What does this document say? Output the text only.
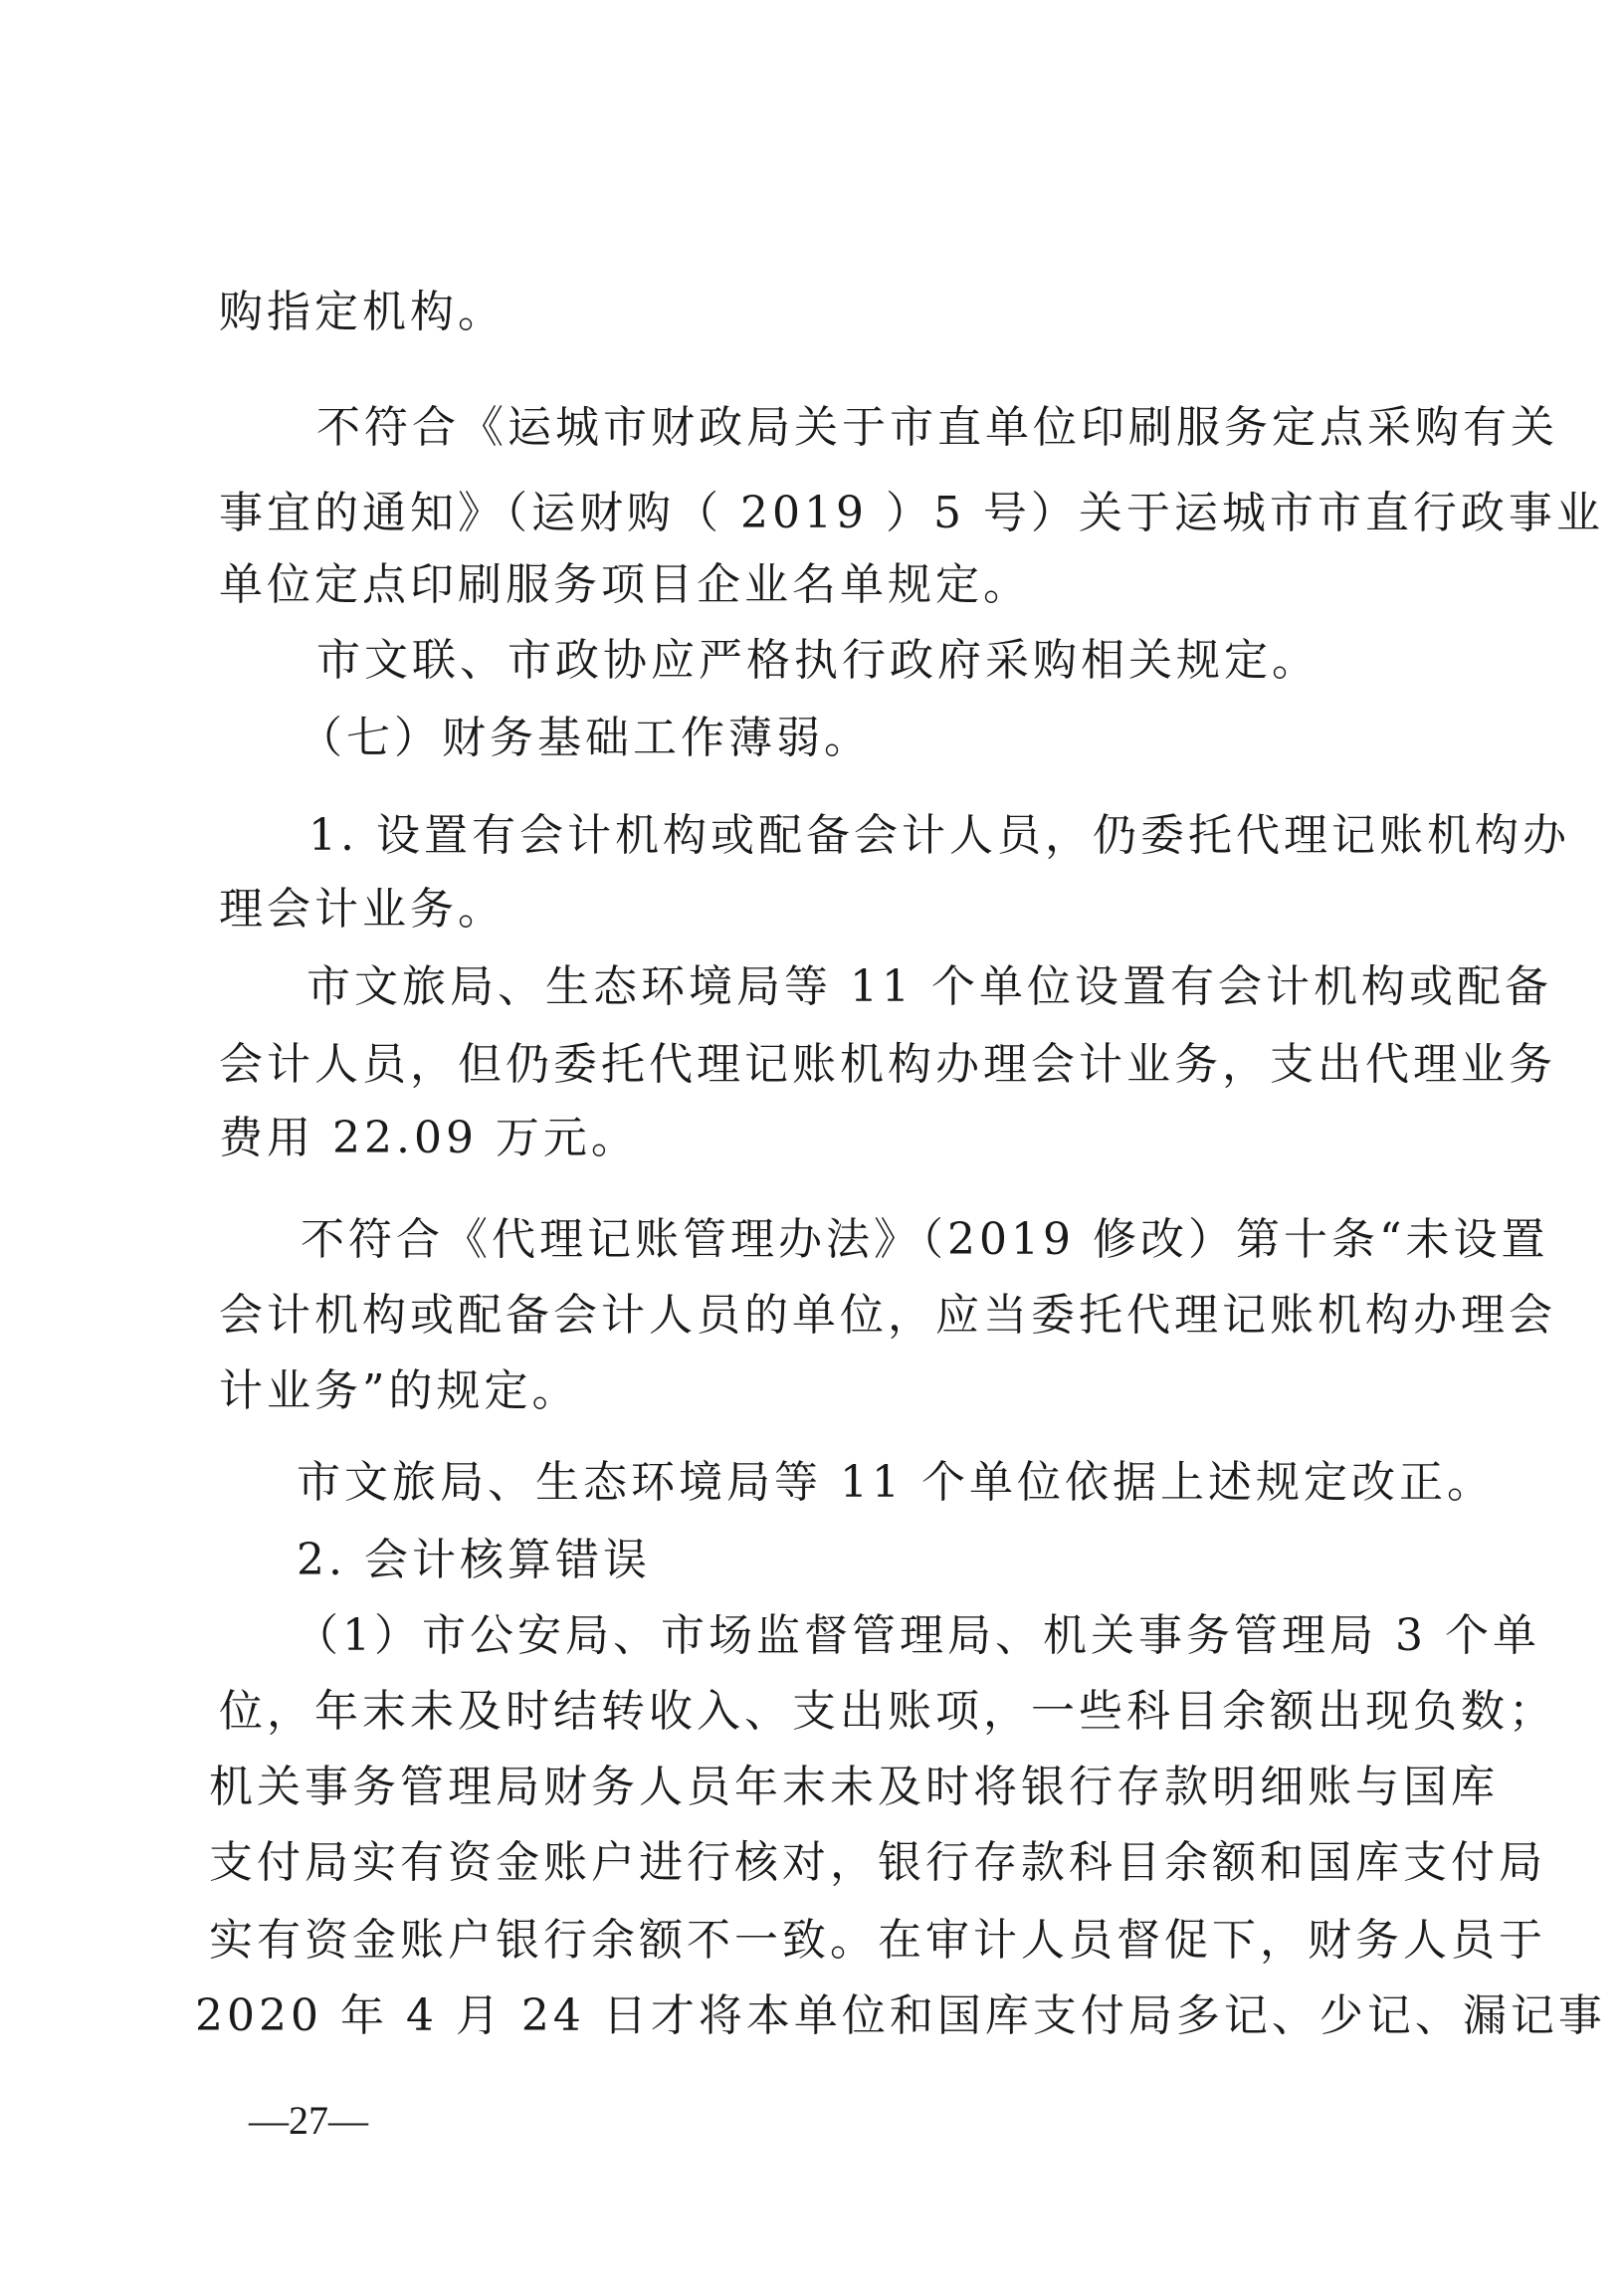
购指定机构。
不符合《运城市财政局关于市直单位印刷服务定点采购有关
事宜的通知》（运财购（ 2019 ）5 号）关于运城市市直行政事业
单位定点印刷服务项目企业名单规定。
市文联、市政协应严格执行政府采购相关规定。
（七）财务基础工作薄弱。
1. 设置有会计机构或配备会计人员，仍委托代理记账机构办
理会计业务。
市文旅局、生态环境局等 11 个单位设置有会计机构或配备
会计人员，但仍委托代理记账机构办理会计业务，支出代理业务
费用 22.09 万元。
不符合《代理记账管理办法》（2019 修改）第十条“未设置
会计机构或配备会计人员的单位，应当委托代理记账机构办理会
计业务”的规定。
市文旅局、生态环境局等 11 个单位依据上述规定改正。
2. 会计核算错误
（1）市公安局、市场监督管理局、机关事务管理局 3 个单
位，年末未及时结转收入、支出账项，一些科目余额出现负数；
机关事务管理局财务人员年末未及时将银行存款明细账与国库
支付局实有资金账户进行核对，银行存款科目余额和国库支付局
实有资金账户银行余额不一致。在审计人员督促下，财务人员于
2020 年 4 月 24 日才将本单位和国库支付局多记、少记、漏记事
—27—
